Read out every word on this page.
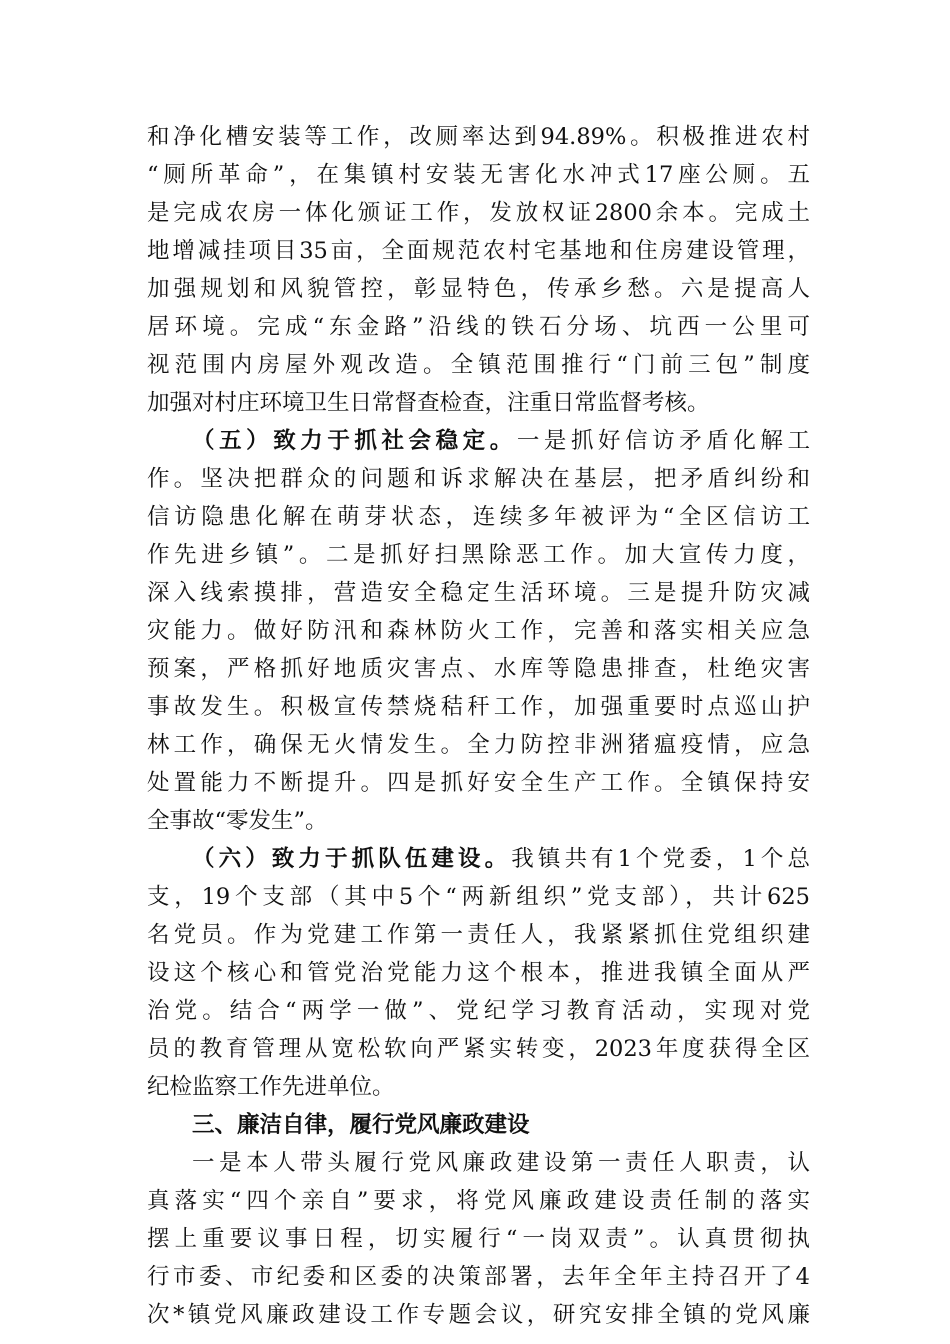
和净化槽安装等工作，改厕率达到94.89%。积极推进农村
“厕所革命”，在集镇村安装无害化水冲式17座公厕。五
是完成农房一体化颁证工作，发放权证2800余本。完成土
地增减挂项目35亩，全面规范农村宅基地和住房建设管理，
加强规划和风貌管控，彰显特色，传承乡愁。六是提高人
居环境。完成“东金路”沿线的铁石分场、坑西一公里可
视范围内房屋外观改造。全镇范围推行“门前三包”制度
加强对村庄环境卫生日常督查检查，注重日常监督考核。
（五）致力于抓社会稳定。一是抓好信访矛盾化解工
作。坚决把群众的问题和诉求解决在基层，把矛盾纠纷和
信访隐患化解在萌芽状态，连续多年被评为“全区信访工
作先进乡镇”。二是抓好扫黑除恶工作。加大宣传力度，
深入线索摸排，营造安全稳定生活环境。三是提升防灾减
灾能力。做好防汛和森林防火工作，完善和落实相关应急
预案，严格抓好地质灾害点、水库等隐患排查，杜绝灾害
事故发生。积极宣传禁烧秸秆工作，加强重要时点巡山护
林工作，确保无火情发生。全力防控非洲猪瘟疫情，应急
处置能力不断提升。四是抓好安全生产工作。全镇保持安
全事故“零发生”。
（六）致力于抓队伍建设。我镇共有1个党委，1个总
支，19个支部（其中5个“两新组织”党支部），共计625
名党员。作为党建工作第一责任人，我紧紧抓住党组织建
设这个核心和管党治党能力这个根本，推进我镇全面从严
治党。结合“两学一做”、党纪学习教育活动，实现对党
员的教育管理从宽松软向严紧实转变，2023年度获得全区
纪检监察工作先进单位。
三、廉洁自律，履行党风廉政建设
一是本人带头履行党风廉政建设第一责任人职责，认
真落实“四个亲自”要求，将党风廉政建设责任制的落实
摆上重要议事日程，切实履行“一岗双责”。认真贯彻执
行市委、市纪委和区委的决策部署，去年全年主持召开了4
次*镇党风廉政建设工作专题会议，研究安排全镇的党风廉
